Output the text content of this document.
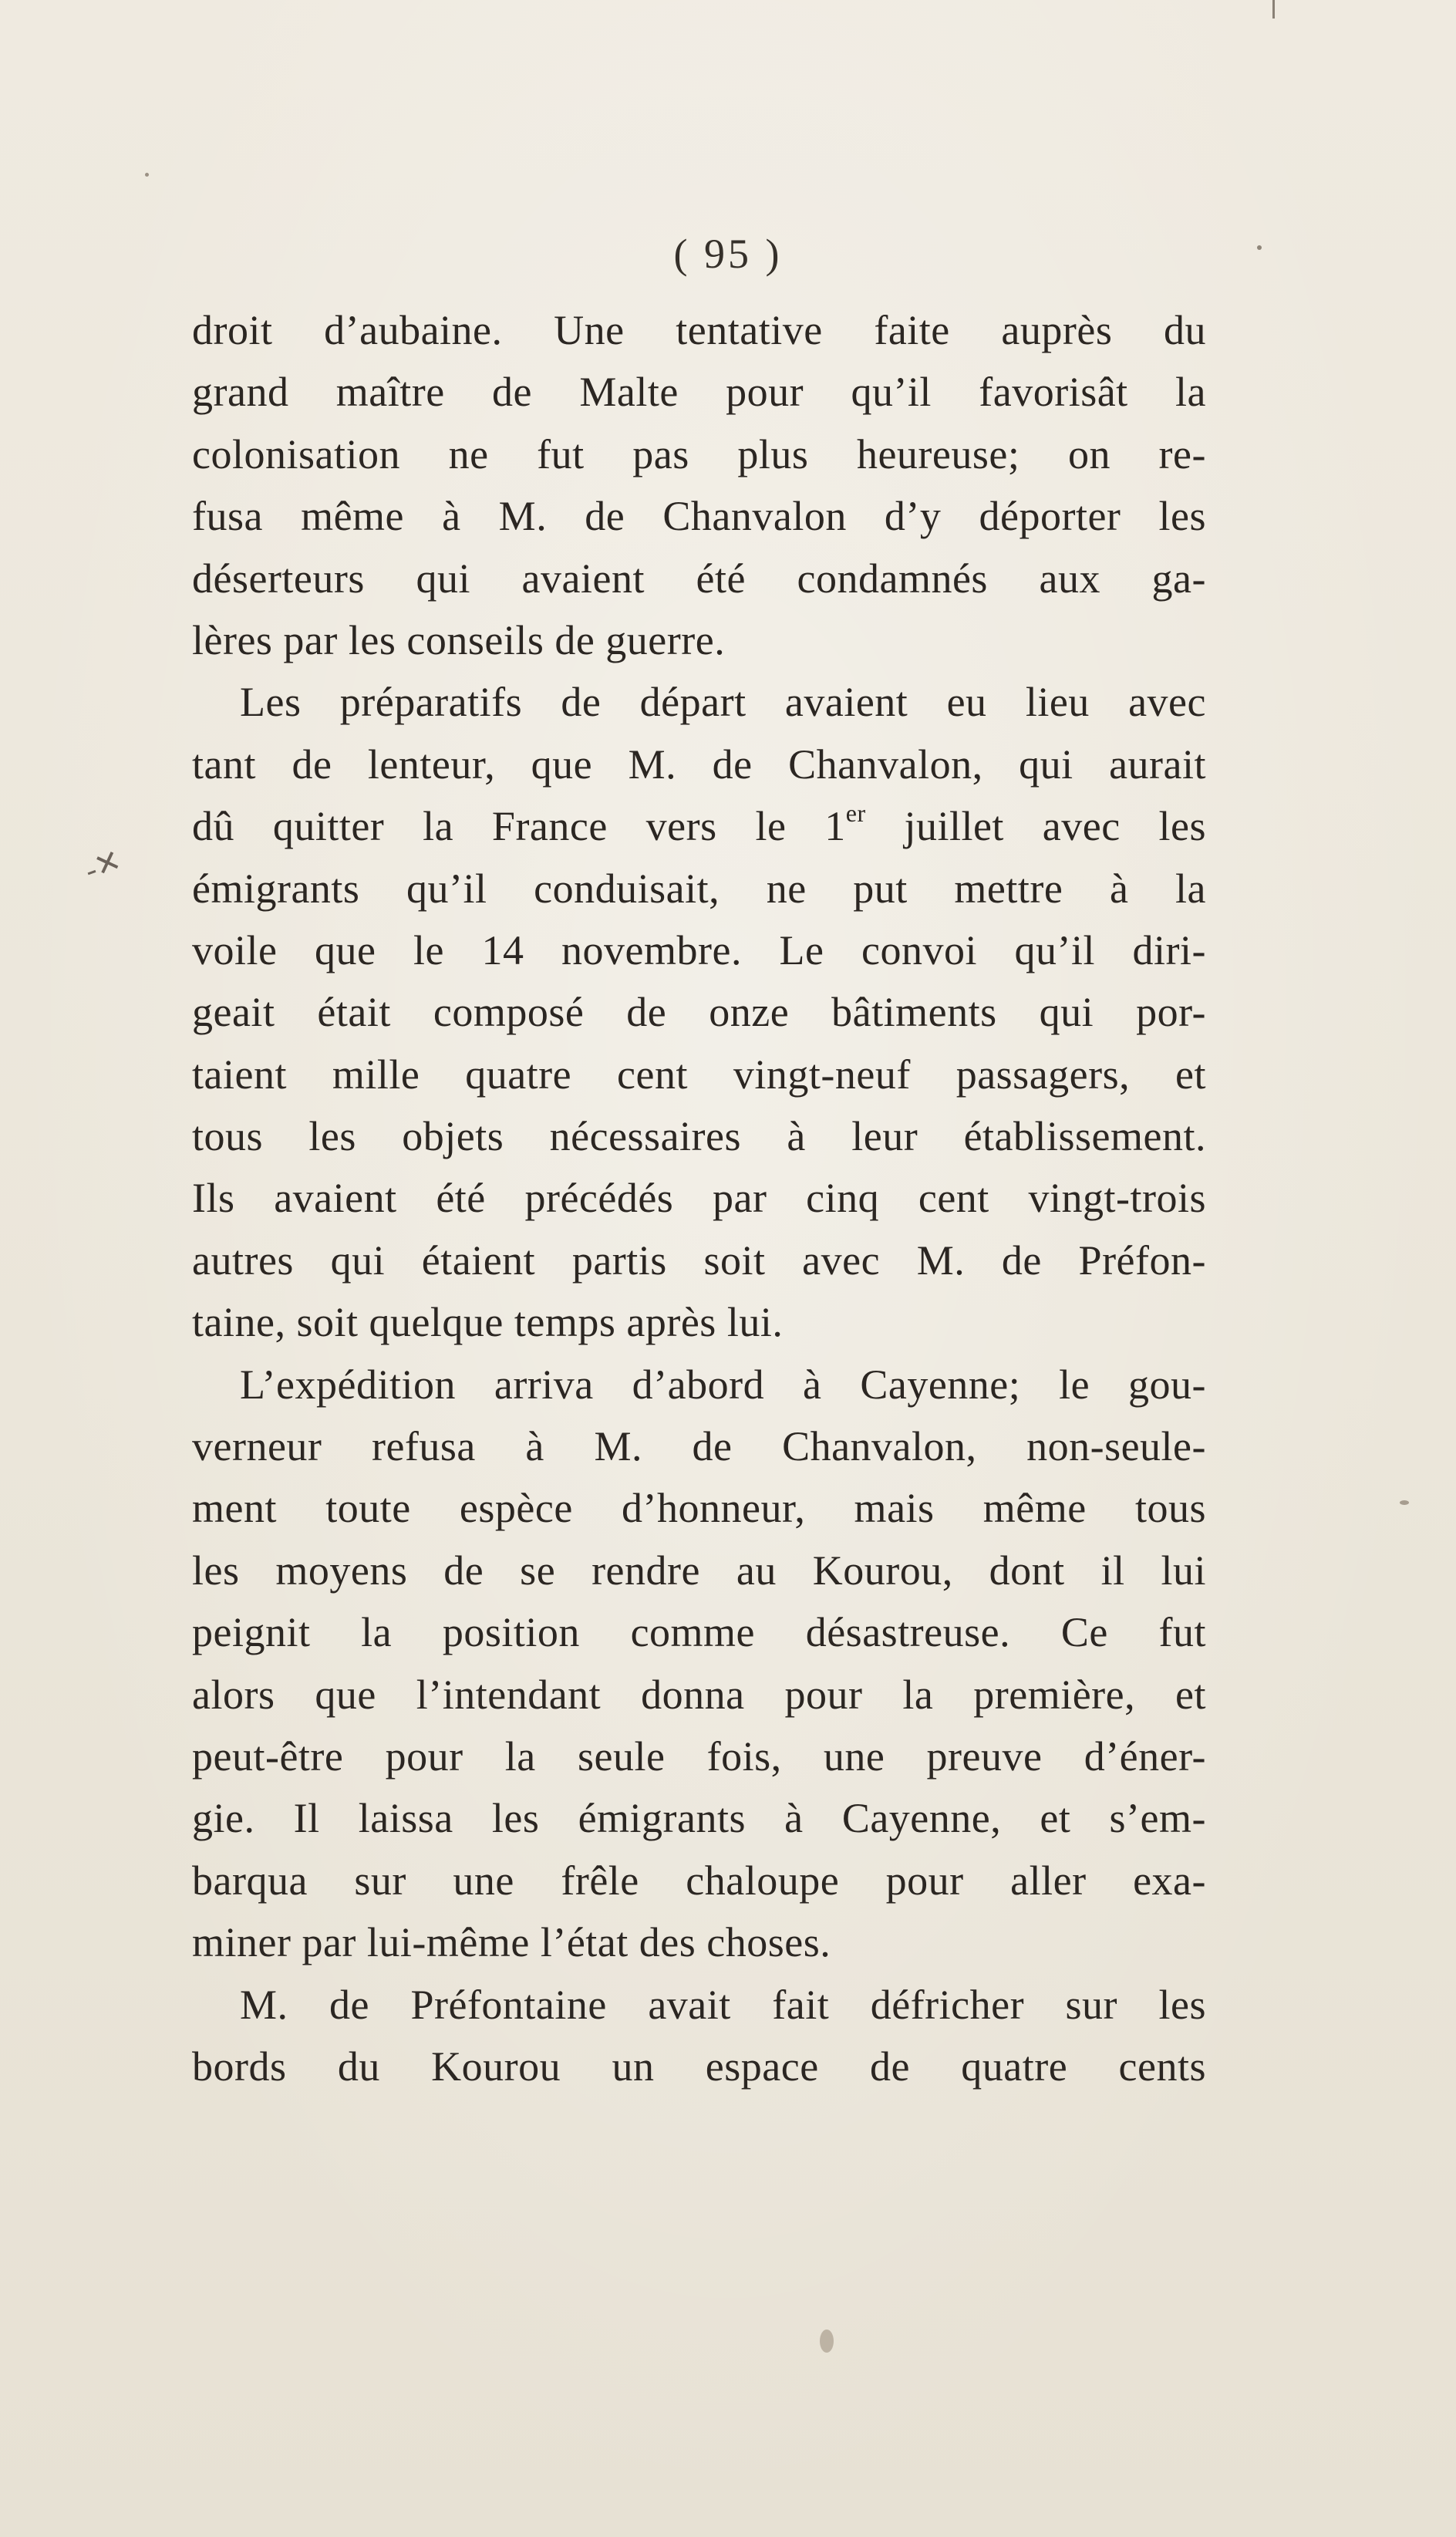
-✕
( 95 )

droit d’aubaine. Une tentative faite auprès du
grand maître de Malte pour qu’il favorisât la
colonisation ne fut pas plus heureuse; on re-
fusa même à M. de Chanvalon d’y déporter les
déserteurs qui avaient été condamnés aux ga-
lères par les conseils de guerre.

Les préparatifs de départ avaient eu lieu avec
tant de lenteur, que M. de Chanvalon, qui aurait
dû quitter la France vers le 1er juillet avec les
émigrants qu’il conduisait, ne put mettre à la
voile que le 14 novembre. Le convoi qu’il diri-
geait était composé de onze bâtiments qui por-
taient mille quatre cent vingt-neuf passagers, et
tous les objets nécessaires à leur établissement.
Ils avaient été précédés par cinq cent vingt-trois
autres qui étaient partis soit avec M. de Préfon-
taine, soit quelque temps après lui.

L’expédition arriva d’abord à Cayenne; le gou-
verneur refusa à M. de Chanvalon, non-seule-
ment toute espèce d’honneur, mais même tous
les moyens de se rendre au Kourou, dont il lui
peignit la position comme désastreuse. Ce fut
alors que l’intendant donna pour la première, et
peut-être pour la seule fois, une preuve d’éner-
gie. Il laissa les émigrants à Cayenne, et s’em-
barqua sur une frêle chaloupe pour aller exa-
miner par lui-même l’état des choses.

M. de Préfontaine avait fait défricher sur les
bords du Kourou un espace de quatre cents
